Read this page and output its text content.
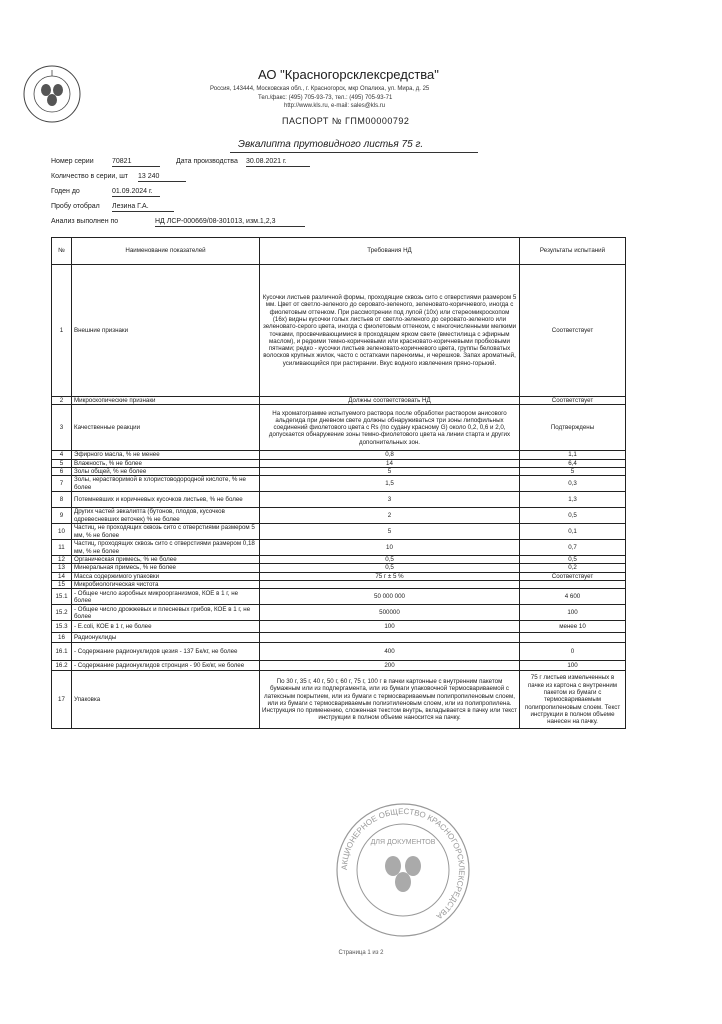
АО "Красногорсклексредства"
Россия, 143444, Московская обл., г. Красногорск, мкр Опалиха, ул. Мира, д. 25
Тел./факс: (495) 705-93-73, тел.: (495) 705-93-71
http://www.kls.ru, e-mail: sales@kls.ru
ПАСПОРТ № ГПМ00000792
Эвкалипта прутовидного листья 75 г.
Номер серии	70821	Дата производства 30.08.2021 г.
Количество в серии, шт 13 240
Годен до	01.09.2024 г.
Пробу отобрал Лезина Г.А.
Анализ выполнен по	НД ЛСР-000669/08-301013, изм.1,2,3
№	Наименование показателей	Требования НД	Результаты испытаний
1	Внешние признаки	Кусочки листьев различной формы, проходящие сквозь сито с отверстиями размером 5 мм. Цвет от светло-зеленого до серовато-зеленого, зеленовато-коричневого, иногда с фиолетовым оттенком. При рассмотрении под лупой (10х) или стереомикроскопом (16х) видны кусочки голых листьев от светло-зеленого до серовато-зеленого или зеленовато-серого цвета, иногда с фиолетовым оттенком, с многочисленными мелкими точками, просвечивающимися в проходящем ярком свете (вместилища с эфирным маслом), и редкими темно-коричневыми или красновато-коричневыми пробковыми пятнами; редко - кусочки листьев зеленовато-коричневого цвета, группы беловатых волосков крупных жилок, часто с остатками паренхимы, и черешков. Запах ароматный, усиливающийся при растирании. Вкус водного извлечения пряно-горький.	Соответствует
2	Микроскопические признаки	Должны соответствовать НД	Соответствует
3	Качественные реакции	На хроматограмме испытуемого раствора после обработки раствором анисового альдегида при дневном свете должны обнаруживаться три зоны липофильных соединений фиолетового цвета с Rs (по судану красному G) около 0,2, 0,6 и 2,0, допускается обнаружение зоны темно-фиолетового цвета на линии старта и других дополнительных зон.	Подтверждены
4	Эфирного масла, % не менее	0,8	1,1
5	Влажность, % не более	14	6,4
6	Золы общей, % не более	5	5
7	Золы, нерастворимой в хлористоводородной кислоте, % не более	1,5	0,3
8	Потемневших и коричневых кусочков листьев, % не более	3	1,3
9	Других частей эвкалипта (бутонов, плодов, кусочков одревесневших веточек) % не более	2	0,5
10	Частиц, не проходящих сквозь сито с отверстиями размером 5 мм, % не более	5	0,1
11	Частиц, проходящих сквозь сито с отверстиями размером 0,18 мм, % не более	10	0,7
12	Органическая примесь, % не более	0,5	0,5
13	Минеральная примесь, % не более	0,5	0,2
14	Масса содержимого упаковки	75 г ± 5 %	Соответствует
15	Микробиологическая чистота		
15.1	- Общее число аэробных микроорганизмов, КОЕ в 1 г, не более	50 000 000	4 600
15.2	- Общее число дрожжевых и плесневых грибов, КОЕ в 1 г, не более	500000	100
15.3	- E.coli, КОЕ в 1 г, не более	100	менее 10
16	Радионуклиды		
16.1	- Содержание радионуклидов цезия - 137 Бк/кг, не более	400	0
16.2	- Содержание радионуклидов стронция - 90 Бк/кг, не более	200	100
17	Упаковка	По 30 г, 35 г, 40 г, 50 г, 60 г, 75 г, 100 г в пачки картонные с внутренним пакетом бумажным или из подпергамента, или из бумаги упаковочной термосвариваемой с латексным покрытием, или из бумаги с термосвариваемым полипропиленовым слоем, или из бумаги с термосвариваемым полиэтиленовым слоем, или из полипропилена. Инструкция по применению, сложенная текстом внутрь, вкладывается в пачку или текст инструкции в полном объеме наносится на пачку.	75 г листьев измельченных в пачке из картона с внутренним пакетом из бумаги с термосвариваемым полипропиленовым слоем. Текст инструкции в полном объеме нанесен на пачку.
АКЦИОНЕРНОЕ ОБЩЕСТВО КРАСНОГОРСКЛЕКСРЕДСТВА
ДЛЯ ДОКУМЕНТОВ
Страница 1 из 2
